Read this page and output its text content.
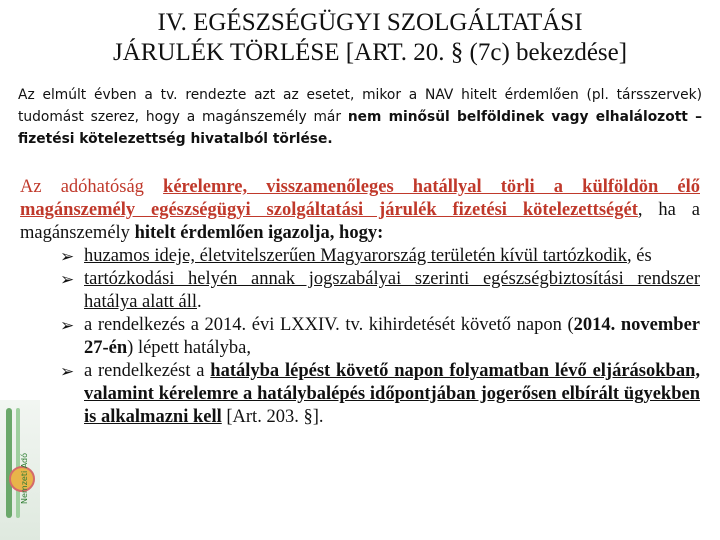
IV. EGÉSZSÉGÜGYI SZOLGÁLTATÁSI
JÁRULÉK TÖRLÉSE [ART. 20. § (7c) bekezdése]
Az elmúlt évben a tv. rendezte azt az esetet, mikor a NAV hitelt érdemlően (pl. társszervek) tudomást szerez, hogy a magánszemély már nem minősül belföldinek vagy elhalálozott – fizetési kötelezettség hivatalból törlése.
Az adóhatóság kérelemre, visszamenőleges hatállyal törli a külföldön élő magánszemély egészségügyi szolgáltatási járulék fizetési kötelezettségét, ha a magánszemély hitelt érdemlően igazolja, hogy:
➢ huzamos ideje, életvitelszerűen Magyarország területén kívül tartózkodik, és
➢ tartózkodási helyén annak jogszabályai szerinti egészségbiztosítási rendszer hatálya alatt áll.
➢ a rendelkezés a 2014. évi LXXIV. tv. kihirdetését követő napon (2014. november 27-én) lépett hatályba,
➢ a rendelkezést a hatályba lépést követő napon folyamatban lévő eljárásokban, valamint kérelemre a hatálybalépés időpontjában jogerősen elbírált ügyekben is alkalmazni kell [Art. 203. §].
Nemzeti Adó
